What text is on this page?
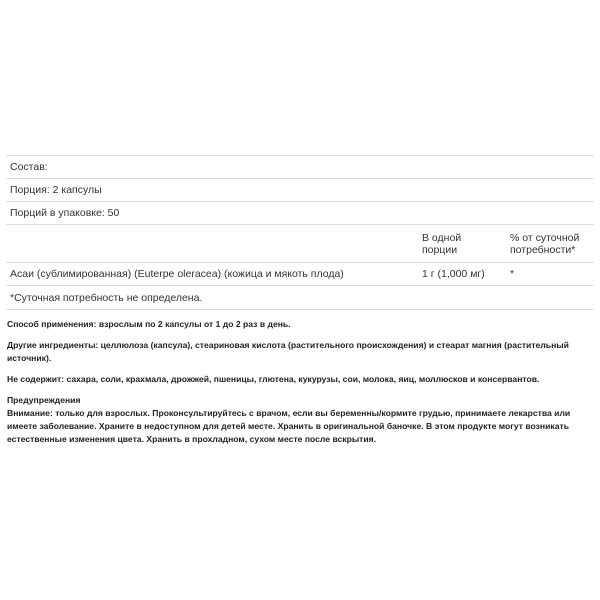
Состав:
Порция: 2 капсулы
Порций в упаковке: 50
В одной
порции
% от суточной
потребности*
Асаи (сублимированная) (Euterpe oleracea) (кожица и мякоть плода)	1 г (1,000 мг)	*
*Суточная потребность не определена.

Способ применения: взрослым по 2 капсулы от 1 до 2 раз в день.

Другие ингредиенты: целлюлоза (капсула), стеариновая кислота (растительного происхождения) и стеарат магния (растительный источник).

Не содержит: сахара, соли, крахмала, дрожжей, пшеницы, глютена, кукурузы, сои, молока, яиц, моллюсков и консервантов.

Предупреждения
Внимание: только для взрослых. Проконсультируйтесь с врачом, если вы беременны/кормите грудью, принимаете лекарства или имеете заболевание. Храните в недоступном для детей месте. Хранить в оригинальной баночке. В этом продукте могут возникать естественные изменения цвета. Хранить в прохладном, сухом месте после вскрытия.
